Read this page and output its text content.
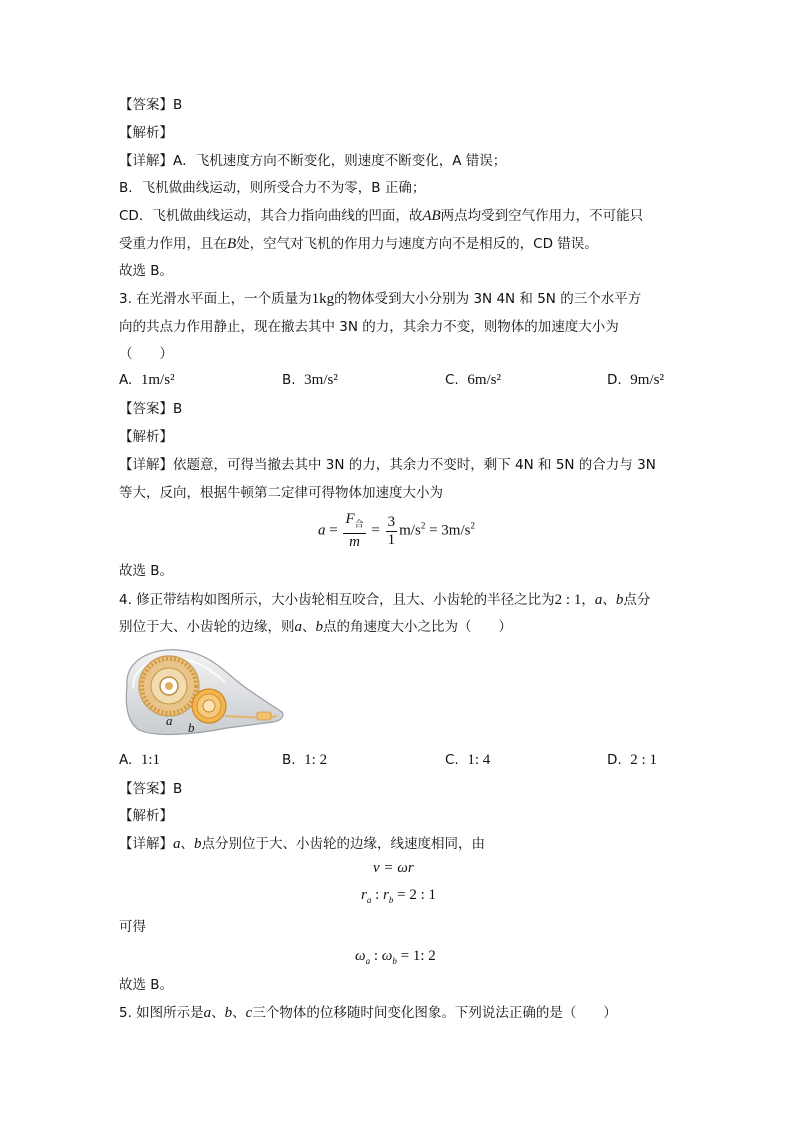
【答案】B
【解析】
【详解】A．飞机速度方向不断变化，则速度不断变化，A 错误；
B．飞机做曲线运动，则所受合力不为零，B 正确；
CD．飞机做曲线运动，其合力指向曲线的凹面，故AB两点均受到空气作用力，不可能只
受重力作用，且在B处，空气对飞机的作用力与速度方向不是相反的，CD 错误。
故选 B。
3. 在光滑水平面上，一个质量为1kg的物体受到大小分别为 3N 4N 和 5N 的三个水平方
向的共点力作用静止，现在撤去其中 3N 的力，其余力不变，则物体的加速度大小为
（　　）
A. 1m/s²	B. 3m/s²	C. 6m/s²	D. 9m/s²
【答案】B
【解析】
【详解】依题意，可得当撤去其中 3N 的力，其余力不变时，剩下 4N 和 5N 的合力与 3N
等大，反向，根据牛顿第二定律可得物体加速度大小为
$a = \frac{F_合}{m} = \frac{3}{1} m/s^2 = 3m/s^2$
故选 B。
4. 修正带结构如图所示，大小齿轮相互咬合，且大、小齿轮的半径之比为2 : 1，a、b点分
别位于大、小齿轮的边缘，则a、b点的角速度大小之比为（　　）
a b
A. 1:1	B. 1: 2	C. 1: 4	D. 2 : 1
【答案】B
【解析】
【详解】a、b点分别位于大、小齿轮的边缘，线速度相同，由
v = ωr
$r_a$ : $r_b = 2$ : 1
可得
$\omega_a$ : $\omega_b = 1$: 2
故选 B。
5. 如图所示是a、b、c三个物体的位移随时间变化图象。下列说法正确的是（　　）
